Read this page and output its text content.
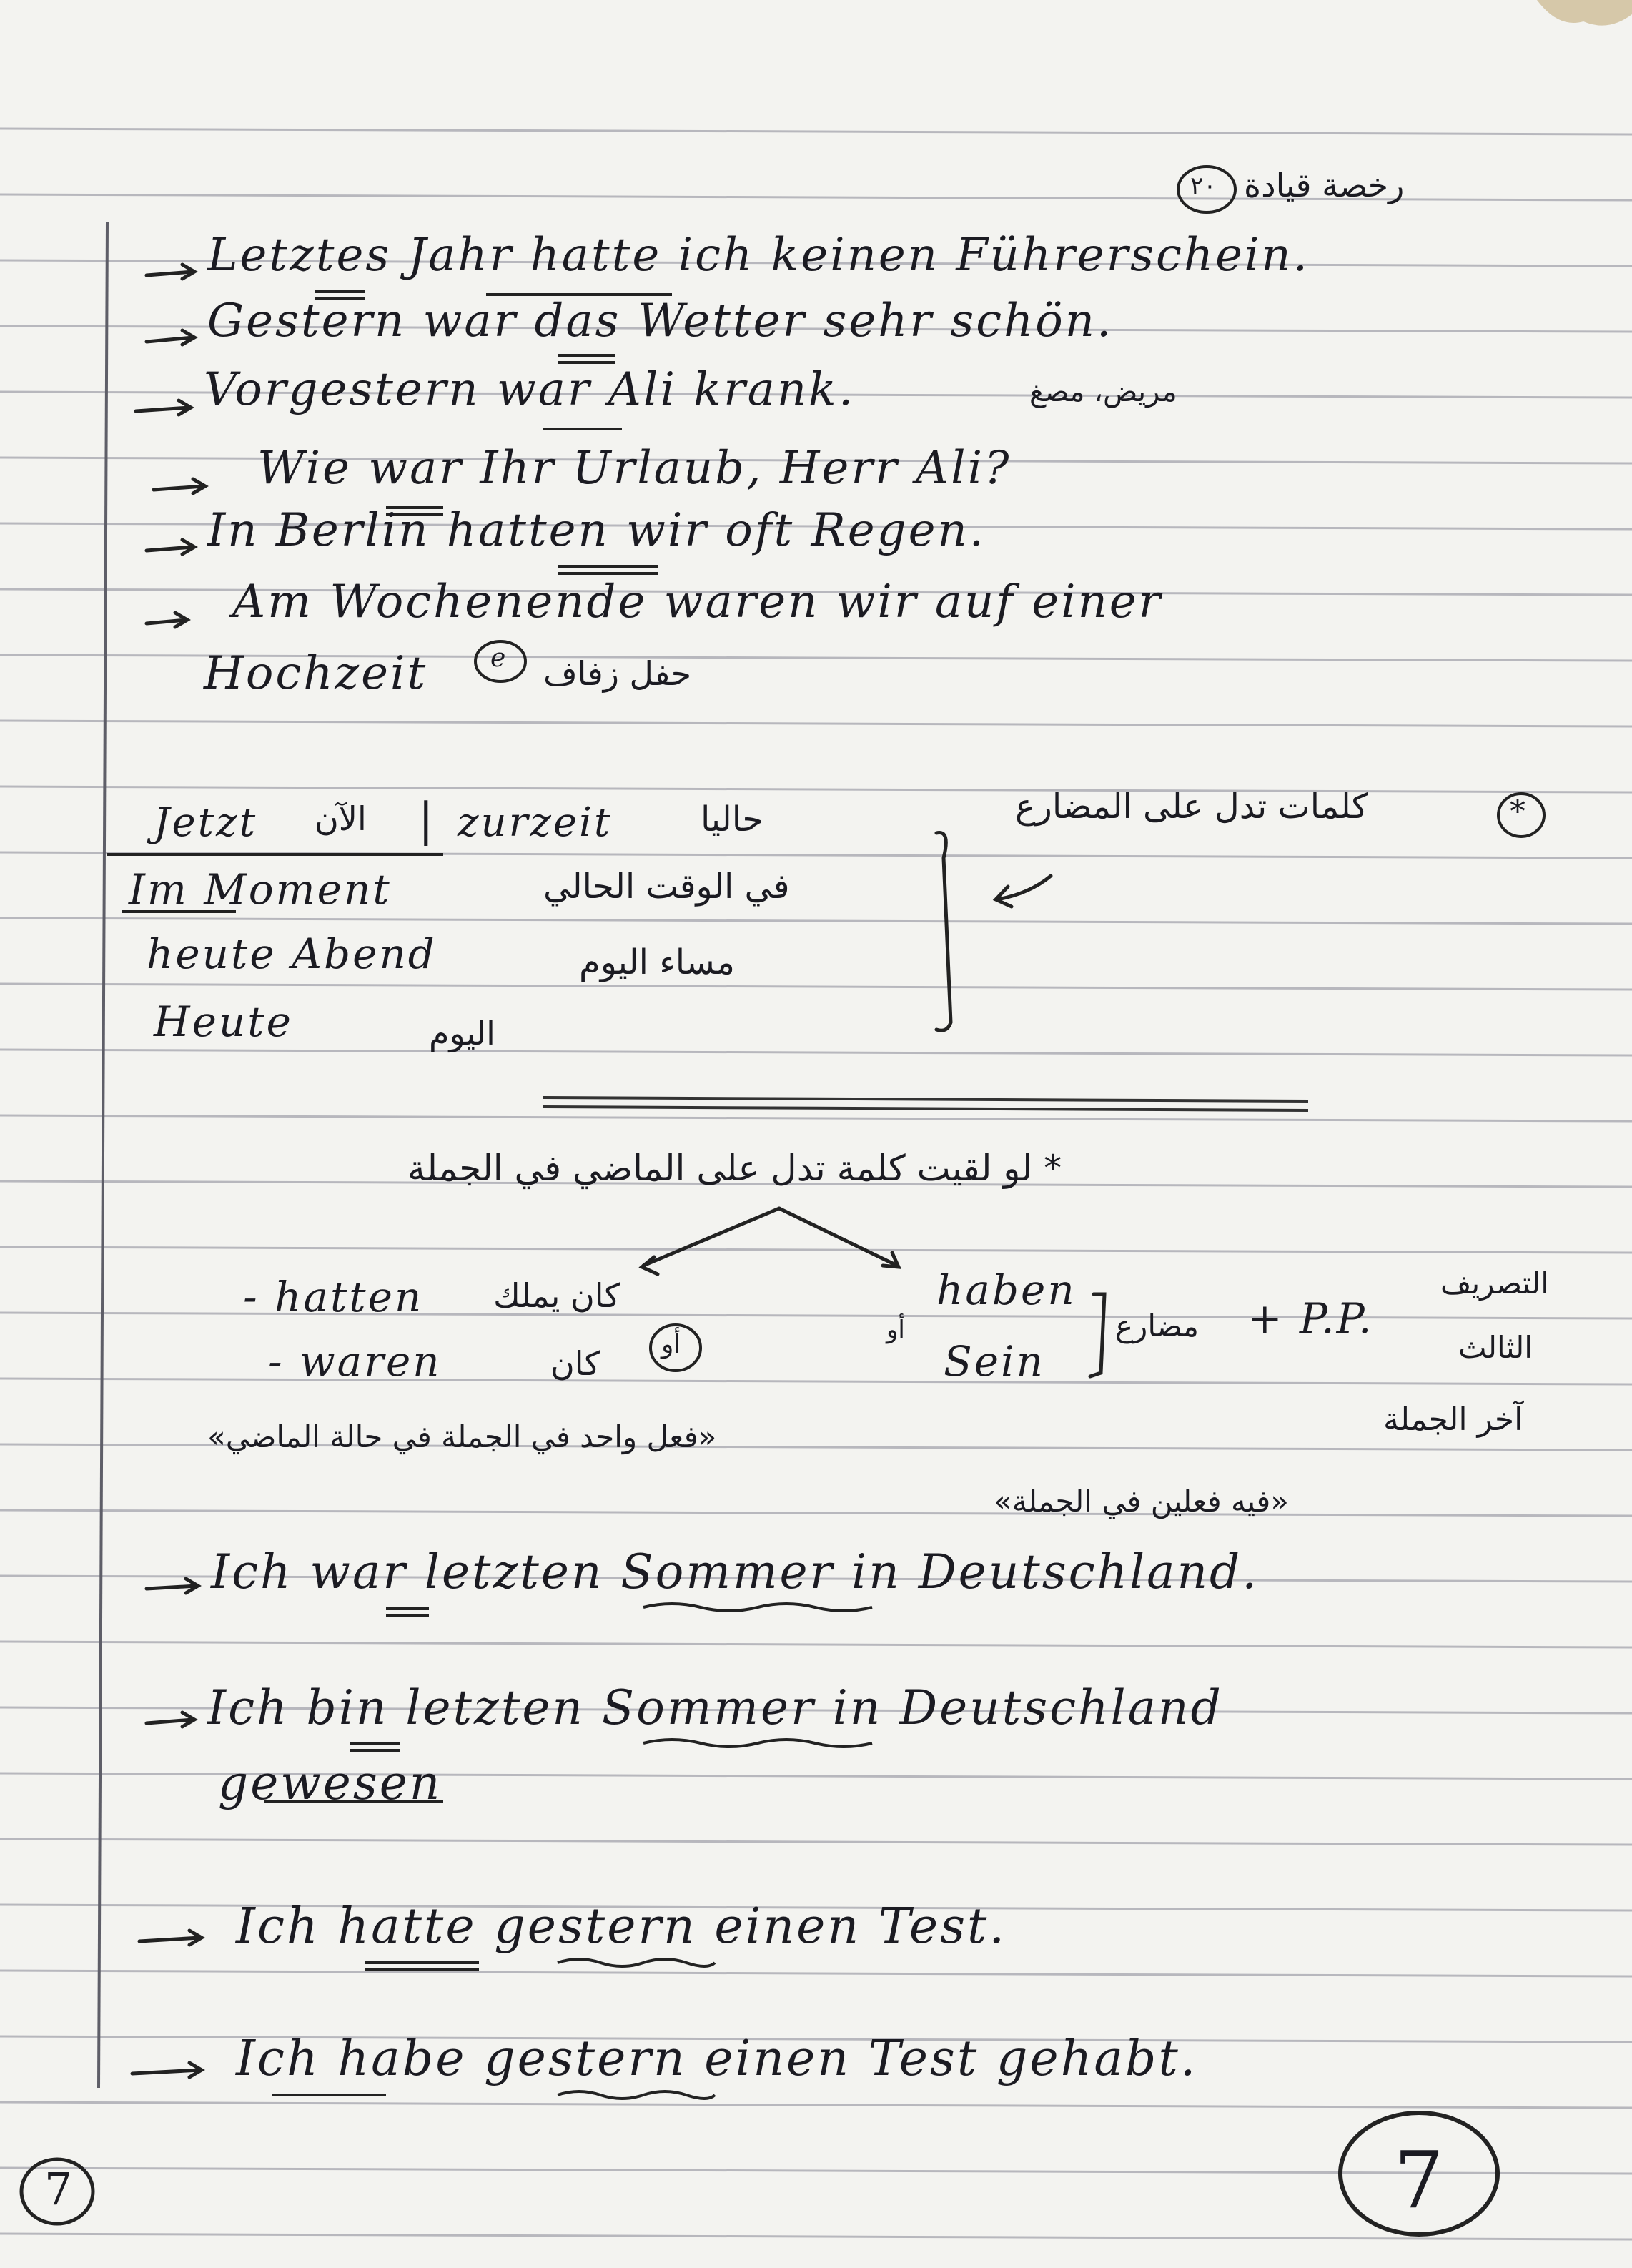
رخصة قيادة
٢٠
Letztes Jahr hatte ich keinen Führerschein.
Gestern war das Wetter sehr schön.
Vorgestern war Ali krank.	مريض، مصغ
Wie war Ihr Urlaub, Herr Ali?
In Berlin hatten wir oft Regen.
Am Wochenende waren wir auf einer
Hochzeit e حفل زفاف
كلمات تدل على المضارع	*
Jetzt الآن | zurzeit	حاليا
Im Moment	في الوقت الحالي
heute Abend	مساء اليوم
Heute	اليوم
* لو لقيت كلمة تدل على الماضي في الجملة
- hatten كان يملك
- waren	كان أو
«فعل واحد في الجملة في حالة الماضي»
haben
أو
Sein
مضارع + P.P.
التصريف
الثالث
آخر الجملة
«فيه فعلين في الجملة»
Ich war letzten Sommer in Deutschland.
Ich bin letzten Sommer in Deutschland
gewesen
Ich hatte gestern einen Test.
Ich habe gestern einen Test gehabt.
7	7
